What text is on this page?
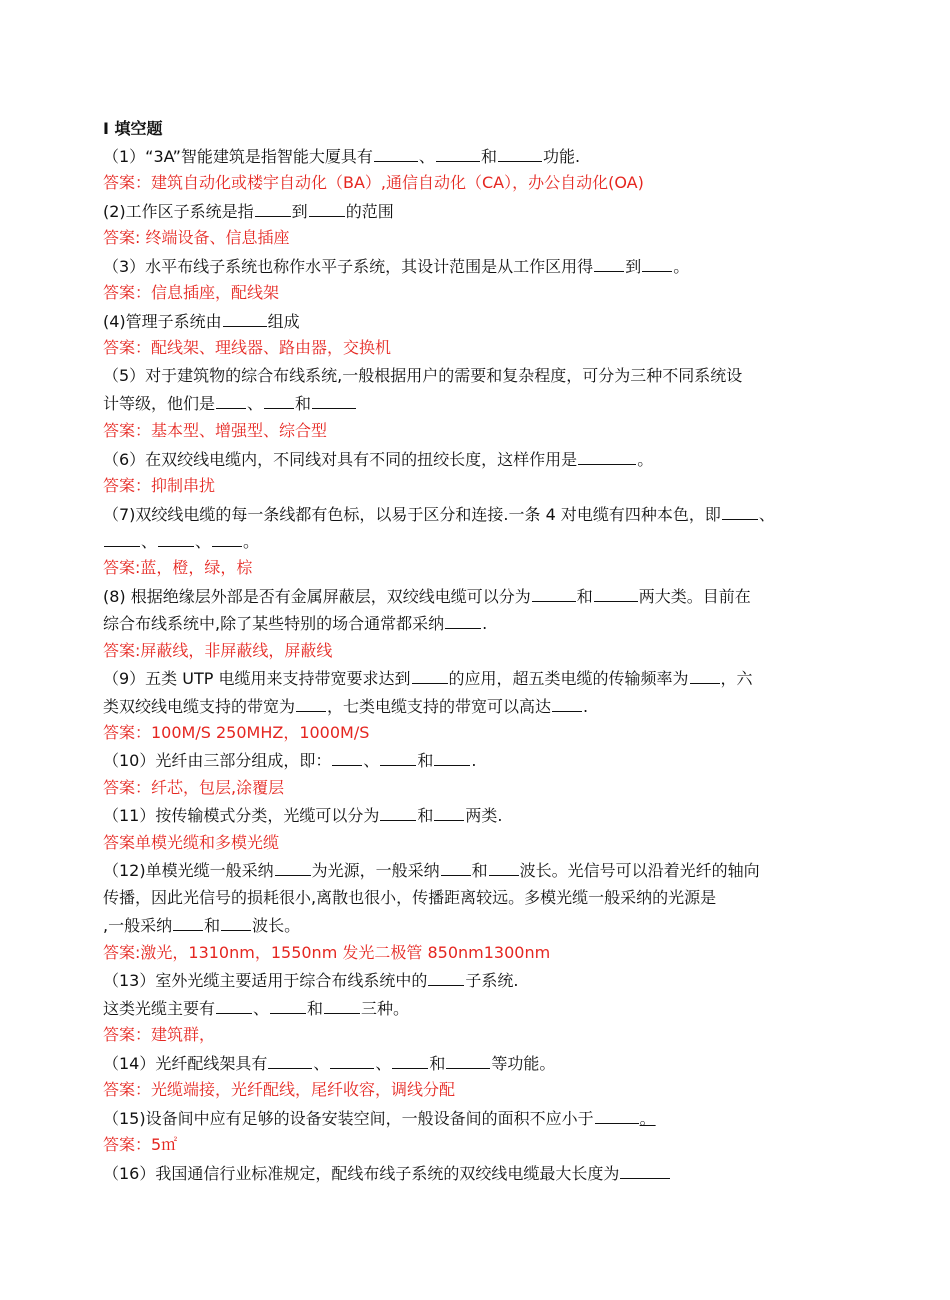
Ⅰ 填空题
（1）“3A”智能建筑是指智能大厦具有	、	和	功能.
答案：建筑自动化或楼宇自动化（BA）,通信自动化（CA），办公自动化(OA)
(2)工作区子系统是指 到 的范围
答案: 终端设备、信息插座
（3）水平布线子系统也称作水平子系统，其设计范围是从工作区用得 到 。
答案：信息插座，配线架
(4)管理子系统由	组成
答案：配线架、理线器、路由器，交换机
（5）对于建筑物的综合布线系统,一般根据用户的需要和复杂程度，可分为三种不同系统设
计等级，他们是 、 和
答案：基本型、增强型、综合型
（6）在双绞线电缆内，不同线对具有不同的扭绞长度，这样作用是	。
答案：抑制串扰
（7)双绞线电缆的每一条线都有色标，以易于区分和连接.一条 4 对电缆有四种本色，即 、
、 、 。
答案:蓝，橙，绿，棕
(8) 根据绝缘层外部是否有金属屏蔽层，双绞线电缆可以分为	和	两大类。目前在
综合布线系统中,除了某些特别的场合通常都采纳 .
答案:屏蔽线，非屏蔽线，屏蔽线
（9）五类 UTP 电缆用来支持带宽要求达到 的应用，超五类电缆的传输频率为 ，六
类双绞线电缆支持的带宽为 ，七类电缆支持的带宽可以高达 .
答案：100M/S 250MHZ，1000M/S
（10）光纤由三部分组成，即： 、 和 .
答案：纤芯，包层,涂覆层
（11）按传输模式分类，光缆可以分为 和 两类.
答案单模光缆和多模光缆
（12)单模光缆一般采纳 为光源，一般采纳 和 波长。光信号可以沿着光纤的轴向
传播，因此光信号的损耗很小,离散也很小，传播距离较远。多模光缆一般采纳的光源是
,一般采纳 和 波长。
答案:激光，1310nm，1550nm 发光二极管 850nm1300nm
（13）室外光缆主要适用于综合布线系统中的 子系统.
这类光缆主要有 、 和 三种。
答案：建筑群，
（14）光纤配线架具有	、	、 和	等功能。
答案：光缆端接，光纤配线，尾纤收容，调线分配
（15)设备间中应有足够的设备安装空间，一般设备间的面积不应小于	。
答案：5㎡
（16）我国通信行业标准规定，配线布线子系统的双绞线电缆最大长度为
